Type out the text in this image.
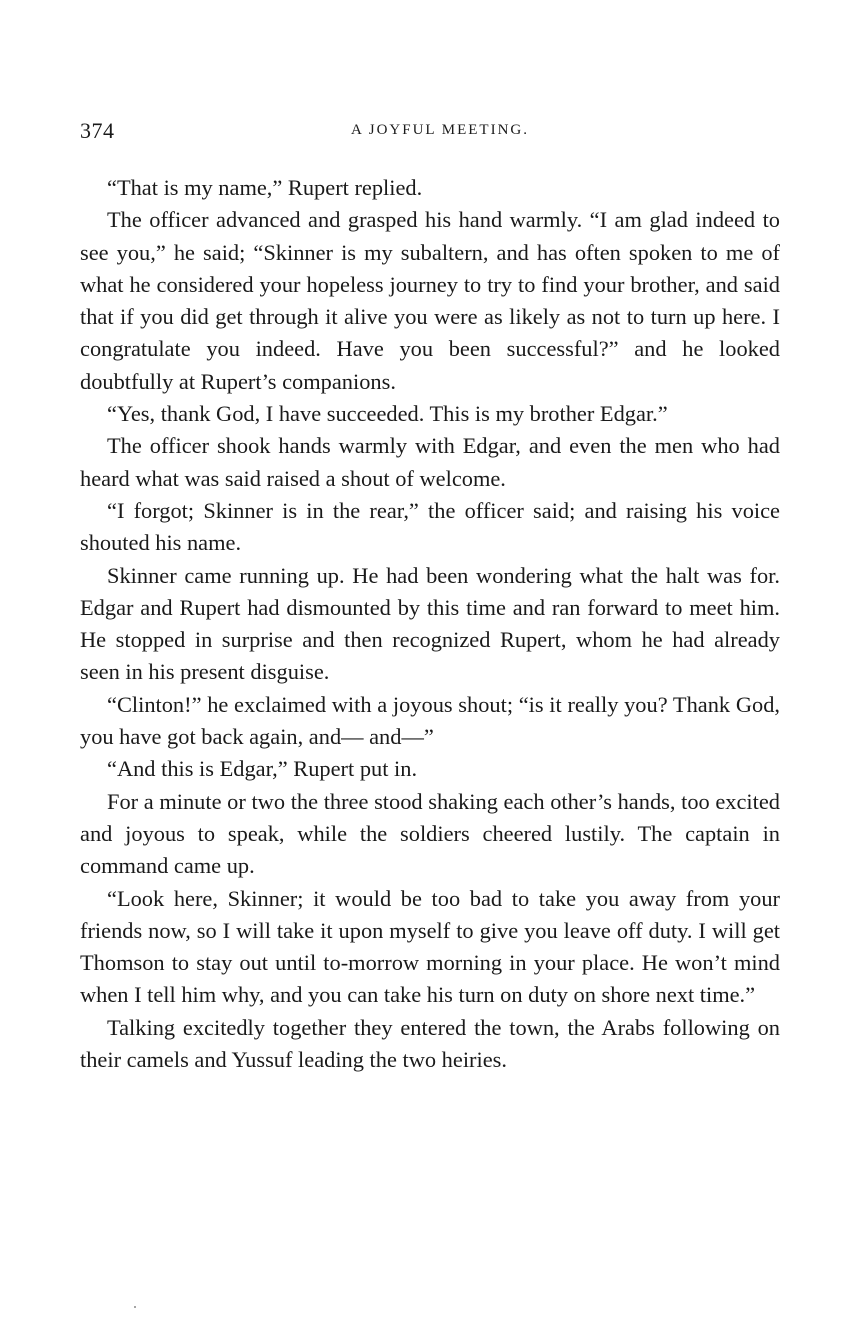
374	A JOYFUL MEETING.

“That is my name,” Rupert replied.

The officer advanced and grasped his hand warmly. “I am glad indeed to see you,” he said; “Skinner is my subaltern, and has often spoken to me of what he considered your hopeless journey to try to find your brother, and said that if you did get through it alive you were as likely as not to turn up here. I congratulate you indeed. Have you been successful?” and he looked doubtfully at Rupert’s companions.

“Yes, thank God, I have succeeded. This is my brother Edgar.”

The officer shook hands warmly with Edgar, and even the men who had heard what was said raised a shout of welcome.

“I forgot; Skinner is in the rear,” the officer said; and raising his voice shouted his name.

Skinner came running up. He had been wondering what the halt was for. Edgar and Rupert had dismounted by this time and ran forward to meet him. He stopped in surprise and then recognized Rupert, whom he had already seen in his present disguise.

“Clinton!” he exclaimed with a joyous shout; “is it really you? Thank God, you have got back again, and— and—”

“And this is Edgar,” Rupert put in.

For a minute or two the three stood shaking each other’s hands, too excited and joyous to speak, while the soldiers cheered lustily. The captain in command came up.

“Look here, Skinner; it would be too bad to take you away from your friends now, so I will take it upon myself to give you leave off duty. I will get Thomson to stay out until to-morrow morning in your place. He won’t mind when I tell him why, and you can take his turn on duty on shore next time.”

Talking excitedly together they entered the town, the Arabs following on their camels and Yussuf leading the two heiries.
